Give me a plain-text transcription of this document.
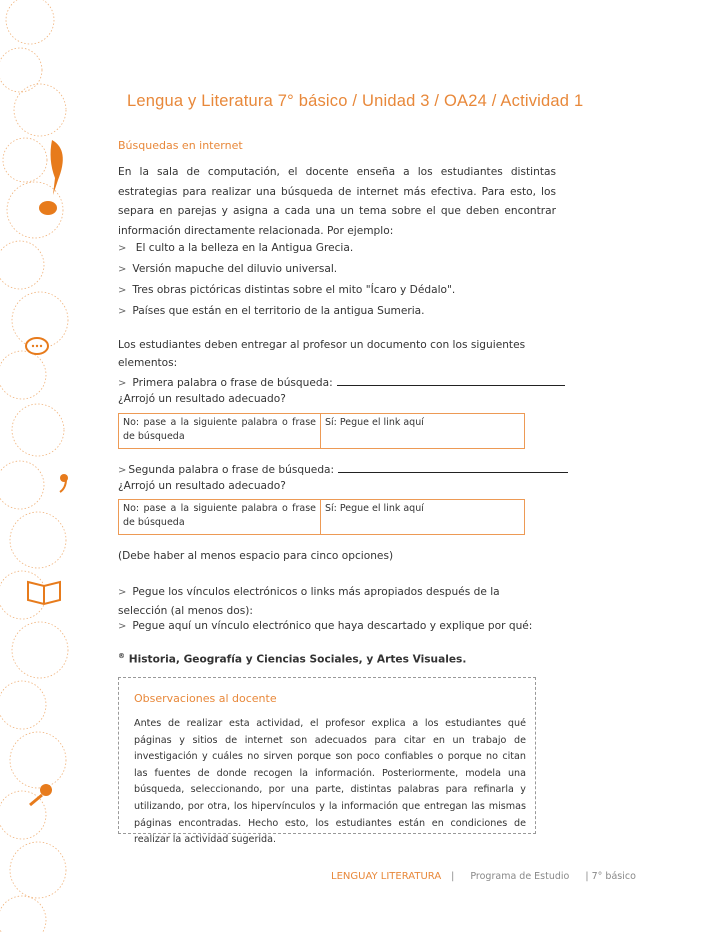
Lengua y Literatura 7° básico / Unidad 3 / OA24 / Actividad 1
Búsquedas en internet
En la sala de computación, el docente enseña a los estudiantes distintas estrategias para realizar una búsqueda de internet más efectiva. Para esto, los separa en parejas y asigna a cada una un tema sobre el que deben encontrar información directamente relacionada. Por ejemplo:
> El culto a la belleza en la Antigua Grecia.
> Versión mapuche del diluvio universal.
> Tres obras pictóricas distintas sobre el mito "Ícaro y Dédalo".
> Países que están en el territorio de la antigua Sumeria.
Los estudiantes deben entregar al profesor un documento con los siguientes elementos:
> Primera palabra o frase de búsqueda:
¿Arrojó un resultado adecuado?
No: pase a la siguiente palabra o frase de búsqueda	Sí: Pegue el link aquí
> Segunda palabra o frase de búsqueda:
¿Arrojó un resultado adecuado?
No: pase a la siguiente palabra o frase de búsqueda	Sí: Pegue el link aquí
(Debe haber al menos espacio para cinco opciones)
> Pegue los vínculos electrónicos o links más apropiados después de la selección (al menos dos):
> Pegue aquí un vínculo electrónico que haya descartado y explique por qué:
® Historia, Geografía y Ciencias Sociales, y Artes Visuales.
Observaciones al docente
Antes de realizar esta actividad, el profesor explica a los estudiantes qué páginas y sitios de internet son adecuados para citar en un trabajo de investigación y cuáles no sirven porque son poco confiables o porque no citan las fuentes de donde recogen la información. Posteriormente, modela una búsqueda, seleccionando, por una parte, distintas palabras para refinarla y utilizando, por otra, los hipervínculos y la información que entregan las mismas páginas encontradas. Hecho esto, los estudiantes están en condiciones de realizar la actividad sugerida.
LENGUAY LITERATURA | Programa de Estudio | 7° básico
